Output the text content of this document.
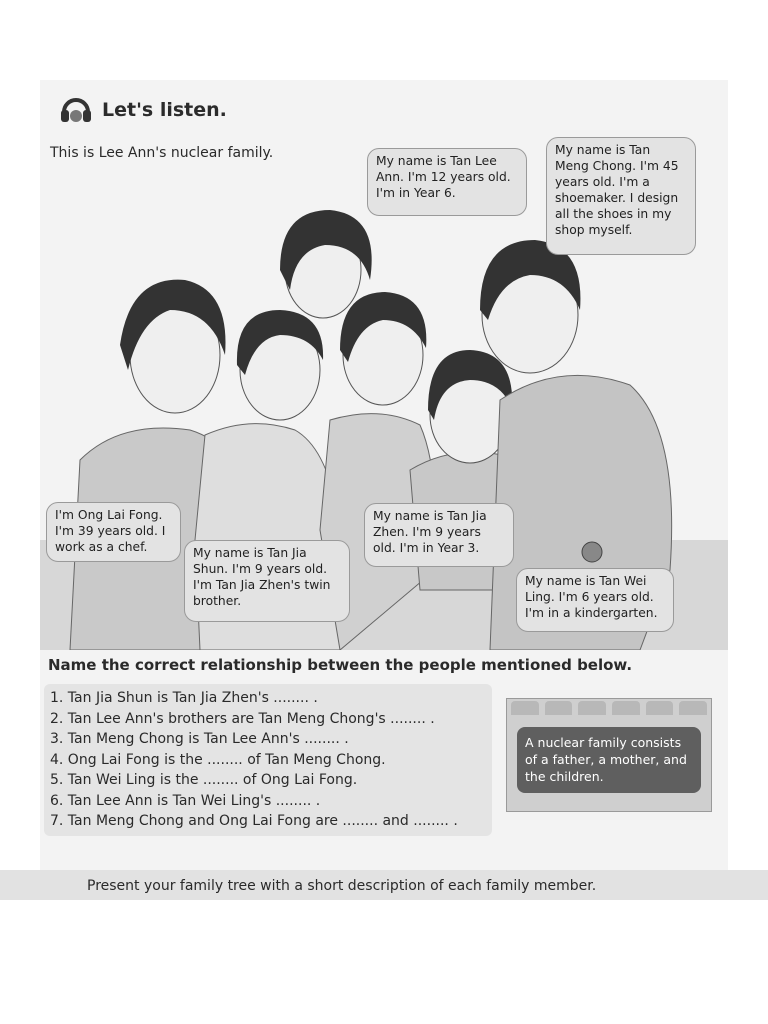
Let's listen.
This is Lee Ann's nuclear family.	My name is Tan Lee Ann. I'm 12 years old. I'm in Year 6.
My name is Tan Meng Chong. I'm 45 years old. I'm a shoemaker. I design all the shoes in my shop myself.
I'm Ong Lai Fong. I'm 39 years old. I work as a chef.	My name is Tan Jia Shun. I'm 9 years old. I'm Tan Jia Zhen's twin brother.
My name is Tan Jia Zhen. I'm 9 years old. I'm in Year 3.
My name is Tan Wei Ling. I'm 6 years old. I'm in a kindergarten.
Name the correct relationship between the people mentioned below.
1. Tan Jia Shun is Tan Jia Zhen's ........ .
2. Tan Lee Ann's brothers are Tan Meng Chong's ........ .
3. Tan Meng Chong is Tan Lee Ann's ........ .
4. Ong Lai Fong is the ........ of Tan Meng Chong.
5. Tan Wei Ling is the ........ of Ong Lai Fong.
6. Tan Lee Ann is Tan Wei Ling's ........ .
7. Tan Meng Chong and Ong Lai Fong are ........ and ........ .
A nuclear family consists of a father, a mother, and the children.
Present your family tree with a short description of each family member.
